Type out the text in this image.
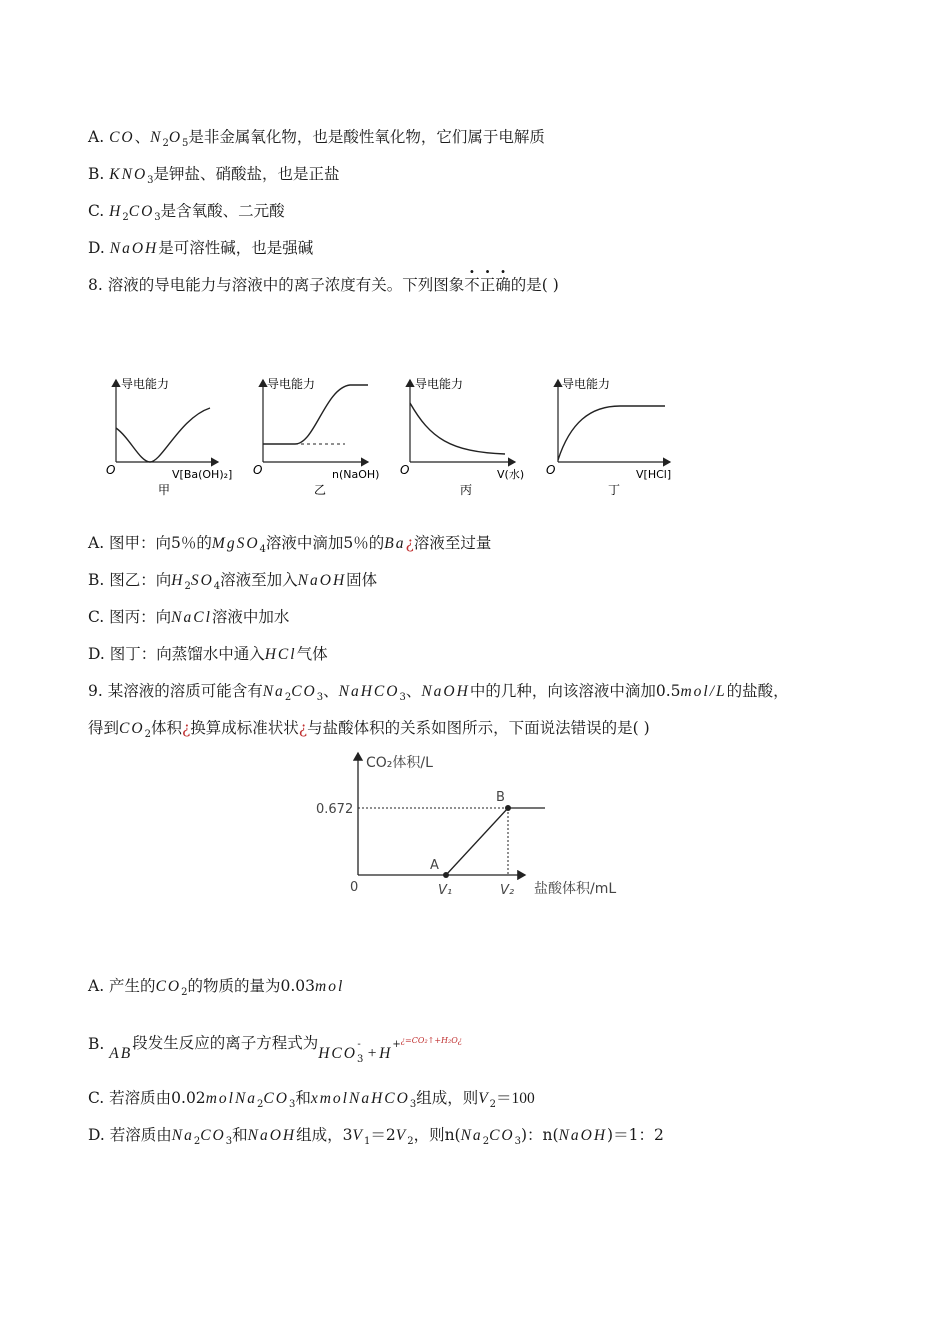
A. CO、$N_2O_5$是非金属氧化物，也是酸性氧化物，它们属于电解质
B. $KNO_3$是钾盐、硝酸盐，也是正盐
C. $H_2CO_3$是含氧酸、二元酸
D. NaOH是可溶性碱，也是强碱
8. 溶液的导电能力与溶液中的离子浓度有关。下列图象不正确的是( )
导电能力
O	V[Ba(OH)₂]
甲
导电能力
O	n(NaOH)
乙
导电能力
O	V(水)
丙
导电能力
O	V[HCl]
丁
A. 图甲：向5％的MgSO$_4$溶液中滴加5％的Ba¿溶液至过量
B. 图乙：向$H_2SO_4$溶液至加入NaOH固体
C. 图丙：向NaCl溶液中加水
D. 图丁：向蒸馏水中通入HCl气体
9. 某溶液的溶质可能含有$Na_2CO_3$、NaHCO$_3$、NaOH中的几种，向该溶液中滴加0.5mol/L的盐酸，
得到$CO_2$体积¿换算成标准状状¿与盐酸体积的关系如图所示，下面说法错误的是( )
CO₂体积/L
0.672
0
A
B
V₁	V₂ 盐酸体积/mL
A. 产生的$CO_2$的物质的量为0.03mol
B. AB段发生反应的离子方程式为$HCO_3^-+H^{+¿=CO_2↑+H_2O¿}$
C. 若溶质由$0.02molNa_2CO_3$和xmolNaHCO$_3$组成，则$V_2=100$
D. 若溶质由$Na_2CO_3$和NaOH组成，$3V_1=2V_2$，则$n(Na_2CO_3)$：n(NaOH)＝1：2
